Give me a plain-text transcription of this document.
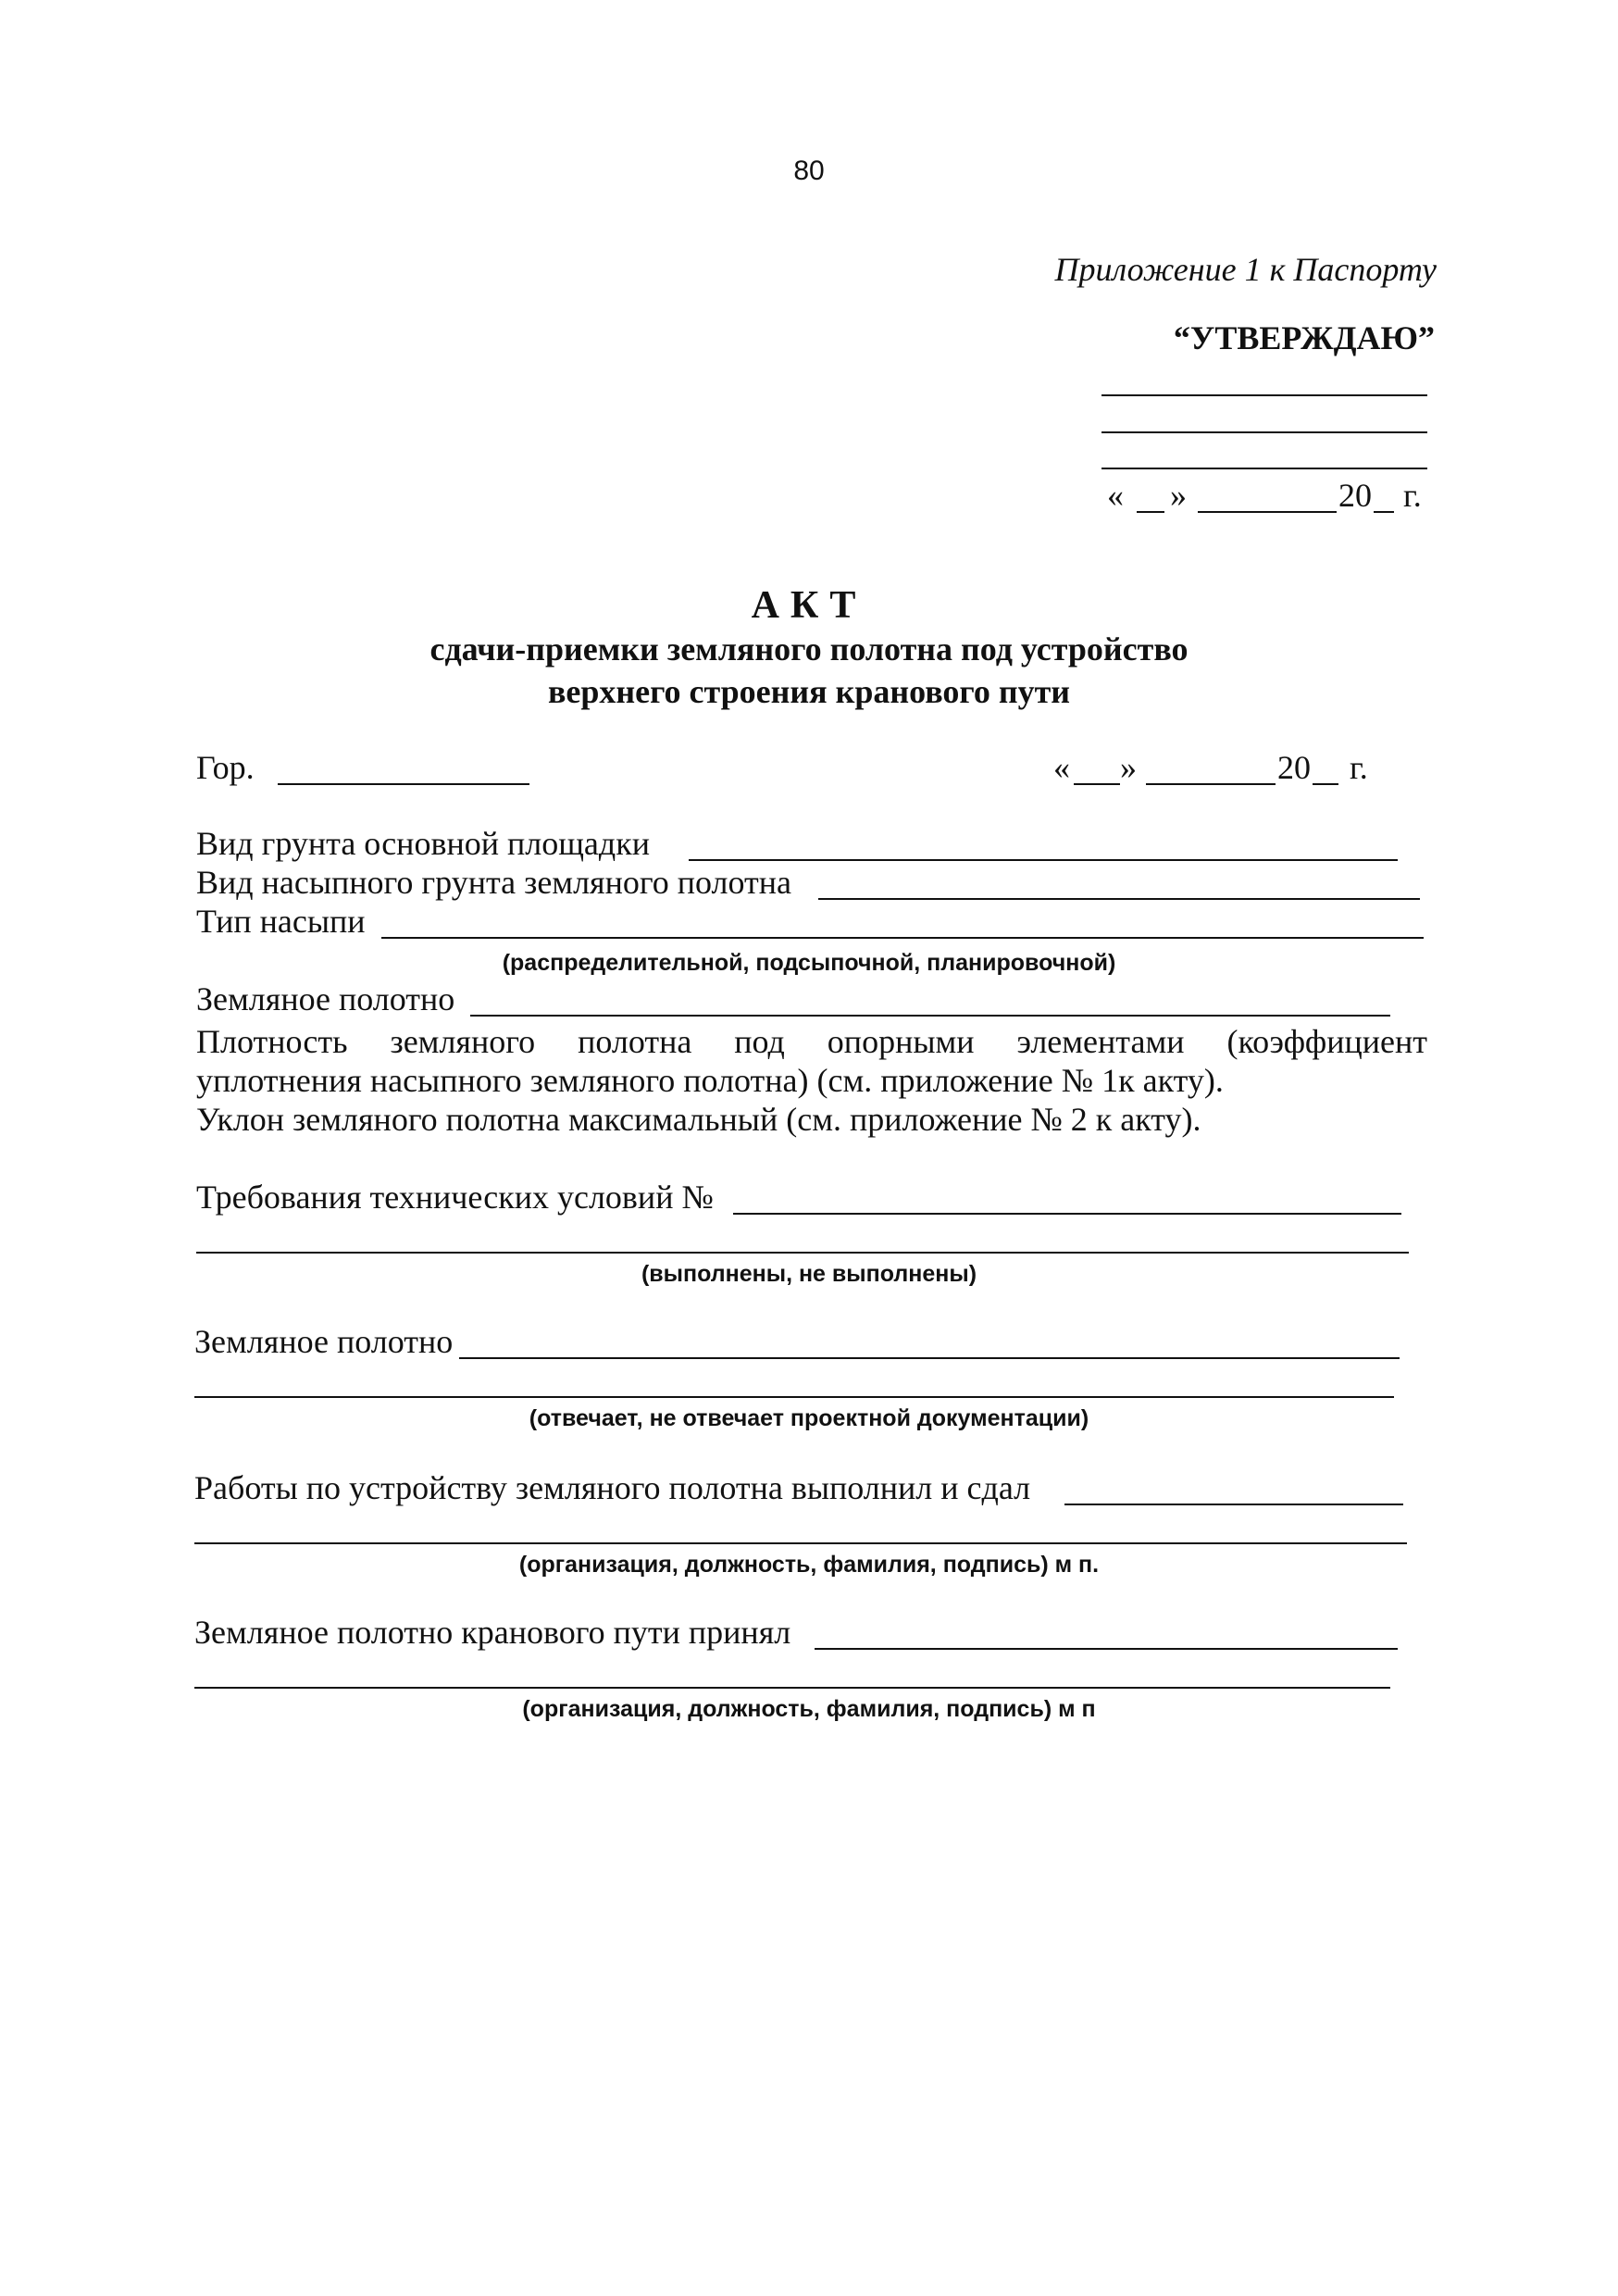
80
Приложение 1 к Паспорту
“УТВЕРЖДАЮ”
« »	20 г.
АКТ
сдачи-приемки земляного полотна под устройство
верхнего строения кранового пути
Гор.	« »	20 г.
Вид грунта основной площадки
Вид насыпного грунта земляного полотна
Тип насыпи
(распределительной, подсыпочной, планировочной)
Земляное полотно
Плотность земляного полотна под опорными элементами (коэффициент
уплотнения насыпного земляного полотна) (см. приложение № 1к акту).
Уклон земляного полотна максимальный (см. приложение № 2 к акту).
Требования технических условий №
(выполнены, не выполнены)
Земляное полотно
(отвечает, не отвечает проектной документации)
Работы по устройству земляного полотна выполнил и сдал
(организация, должность, фамилия, подпись) м п.
Земляное полотно кранового пути принял
(организация, должность, фамилия, подпись) м п
